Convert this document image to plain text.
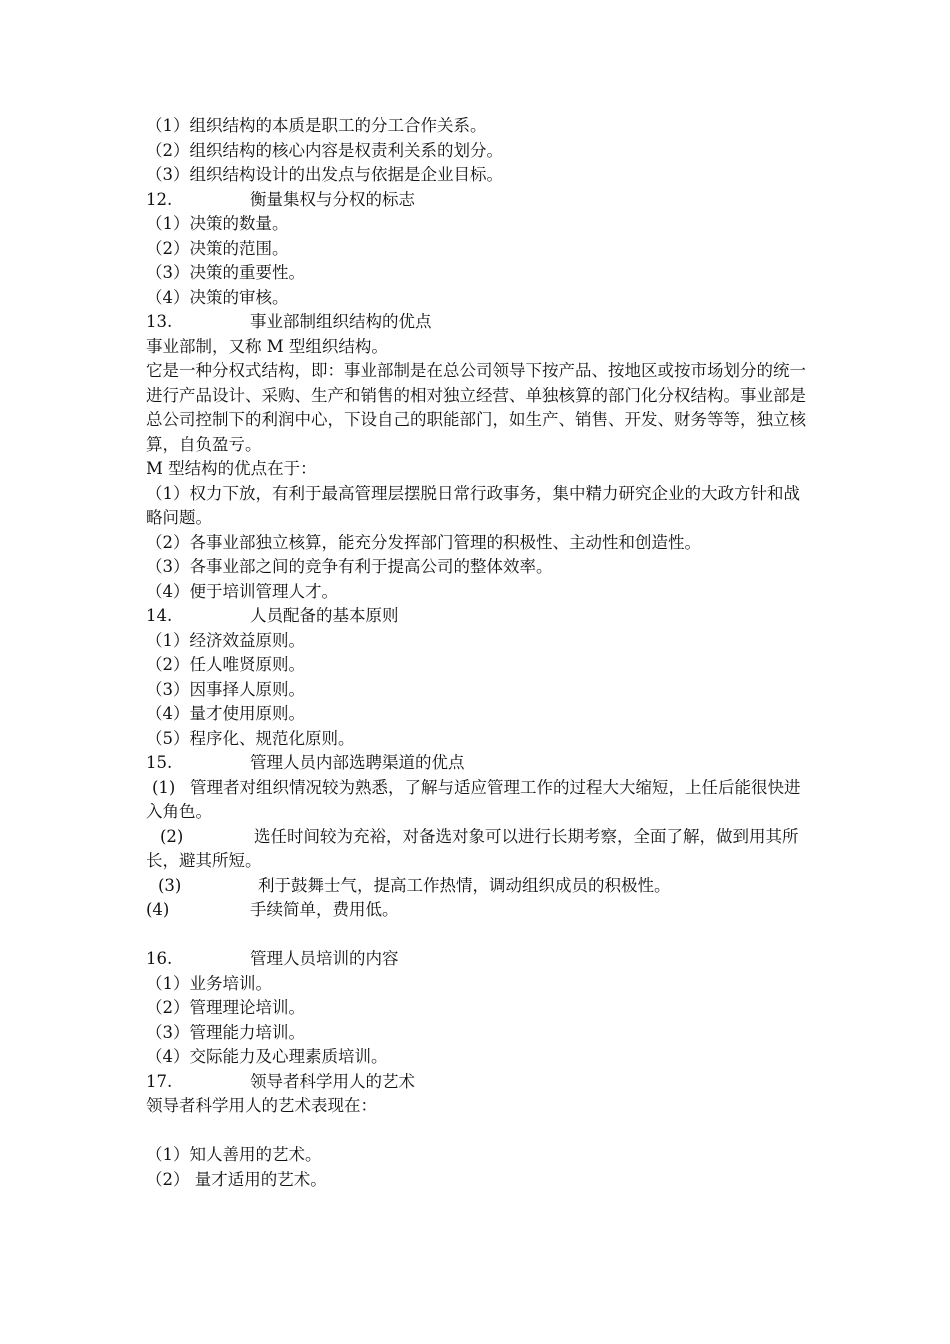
（1）组织结构的本质是职工的分工合作关系。
（2）组织结构的核心内容是权责利关系的划分。
（3）组织结构设计的出发点与依据是企业目标。
12.	衡量集权与分权的标志
（1）决策的数量。
（2）决策的范围。
（3）决策的重要性。
（4）决策的审核。
13.	事业部制组织结构的优点
事业部制，又称 M 型组织结构。
它是一种分权式结构，即：事业部制是在总公司领导下按产品、按地区或按市场划分的统一进行产品设计、采购、生产和销售的相对独立经营、单独核算的部门化分权结构。事业部是总公司控制下的利润中心，下设自己的职能部门，如生产、销售、开发、财务等等，独立核算，自负盈亏。
M 型结构的优点在于：
（1）权力下放，有利于最高管理层摆脱日常行政事务，集中精力研究企业的大政方针和战略问题。
（2）各事业部独立核算，能充分发挥部门管理的积极性、主动性和创造性。
（3）各事业部之间的竞争有利于提高公司的整体效率。
（4）便于培训管理人才。
14.	人员配备的基本原则
（1）经济效益原则。
（2）任人唯贤原则。
（3）因事择人原则。
（4）量才使用原则。
（5）程序化、规范化原则。
15.	管理人员内部选聘渠道的优点
(1) 管理者对组织情况较为熟悉，了解与适应管理工作的过程大大缩短，上任后能很快进入角色。
(2)	选任时间较为充裕，对备选对象可以进行长期考察，全面了解，做到用其所长，避其所短。
(3)	利于鼓舞士气，提高工作热情，调动组织成员的积极性。
(4)	手续简单，费用低。
16.	管理人员培训的内容
（1）业务培训。
（2）管理理论培训。
（3）管理能力培训。
（4）交际能力及心理素质培训。
17.	领导者科学用人的艺术
领导者科学用人的艺术表现在：
（1）知人善用的艺术。
（2） 量才适用的艺术。
